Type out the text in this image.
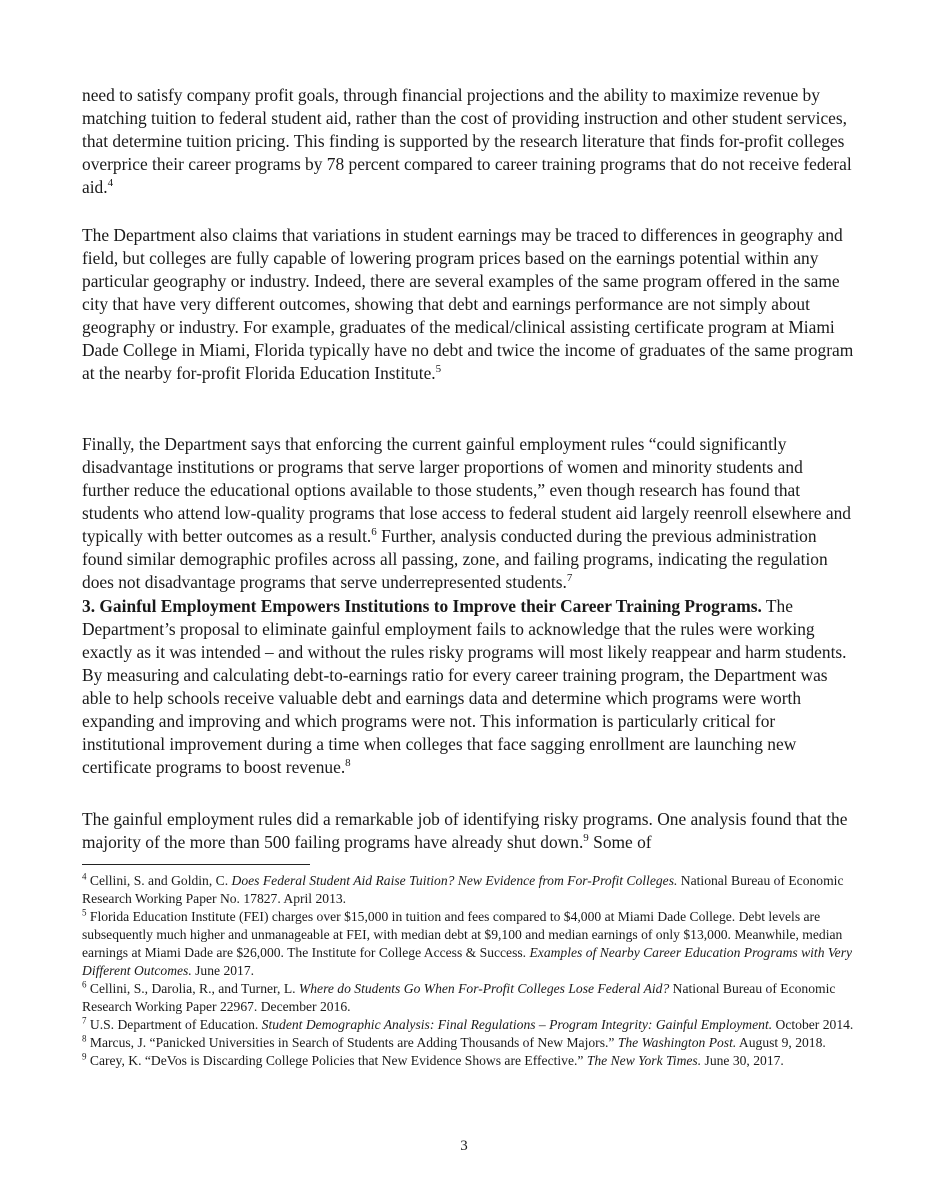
need to satisfy company profit goals, through financial projections and the ability to maximize revenue by matching tuition to federal student aid, rather than the cost of providing instruction and other student services, that determine tuition pricing. This finding is supported by the research literature that finds for-profit colleges overprice their career programs by 78 percent compared to career training programs that do not receive federal aid.$^4$

The Department also claims that variations in student earnings may be traced to differences in geography and field, but colleges are fully capable of lowering program prices based on the earnings potential within any particular geography or industry. Indeed, there are several examples of the same program offered in the same city that have very different outcomes, showing that debt and earnings performance are not simply about geography or industry. For example, graduates of the medical/clinical assisting certificate program at Miami Dade College in Miami, Florida typically have no debt and twice the income of graduates of the same program at the nearby for-profit Florida Education Institute.$^5$

Finally, the Department says that enforcing the current gainful employment rules “could significantly disadvantage institutions or programs that serve larger proportions of women and minority students and further reduce the educational options available to those students,” even though research has found that students who attend low-quality programs that lose access to federal student aid largely reenroll elsewhere and typically with better outcomes as a result.$^6$ Further, analysis conducted during the previous administration found similar demographic profiles across all passing, zone, and failing programs, indicating the regulation does not disadvantage programs that serve underrepresented students.$^7$

3. Gainful Employment Empowers Institutions to Improve their Career Training Programs. The Department’s proposal to eliminate gainful employment fails to acknowledge that the rules were working exactly as it was intended – and without the rules risky programs will most likely reappear and harm students. By measuring and calculating debt-to-earnings ratio for every career training program, the Department was able to help schools receive valuable debt and earnings data and determine which programs were worth expanding and improving and which programs were not. This information is particularly critical for institutional improvement during a time when colleges that face sagging enrollment are launching new certificate programs to boost revenue.$^8$

The gainful employment rules did a remarkable job of identifying risky programs. One analysis found that the majority of the more than 500 failing programs have already shut down.$^9$ Some of

$^4$ Cellini, S. and Goldin, C. Does Federal Student Aid Raise Tuition? New Evidence from For-Profit Colleges. National Bureau of Economic Research Working Paper No. 17827. April 2013.

$^5$ Florida Education Institute (FEI) charges over $15,000 in tuition and fees compared to $4,000 at Miami Dade College. Debt levels are subsequently much higher and unmanageable at FEI, with median debt at $9,100 and median earnings of only $13,000. Meanwhile, median earnings at Miami Dade are $26,000. The Institute for College Access & Success. Examples of Nearby Career Education Programs with Very Different Outcomes. June 2017.

$^6$ Cellini, S., Darolia, R., and Turner, L. Where do Students Go When For-Profit Colleges Lose Federal Aid? National Bureau of Economic Research Working Paper 22967. December 2016.

$^7$ U.S. Department of Education. Student Demographic Analysis: Final Regulations – Program Integrity: Gainful Employment. October 2014.

$^8$ Marcus, J. “Panicked Universities in Search of Students are Adding Thousands of New Majors.” The Washington Post. August 9, 2018.

$^9$ Carey, K. “DeVos is Discarding College Policies that New Evidence Shows are Effective.” The New York Times. June 30, 2017.

3
